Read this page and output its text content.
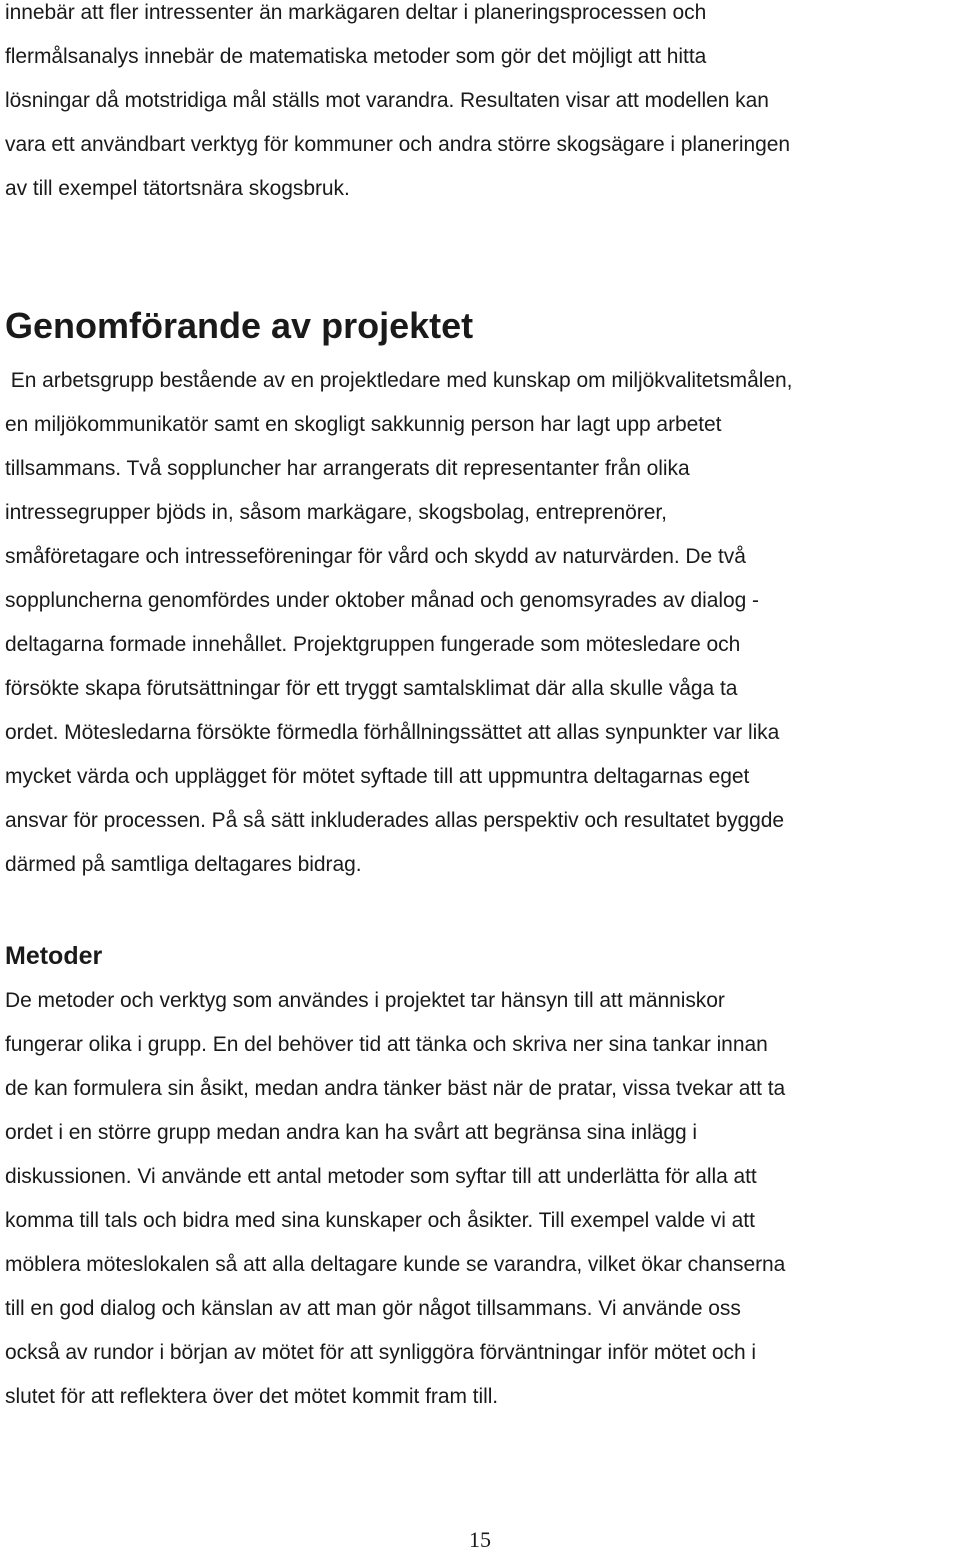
innebär att fler intressenter än markägaren deltar i planeringsprocessen och
flermålsanalys innebär de matematiska metoder som gör det möjligt att hitta
lösningar då motstridiga mål ställs mot varandra. Resultaten visar att modellen kan
vara ett användbart verktyg för kommuner och andra större skogsägare i planeringen
av till exempel tätortsnära skogsbruk.

Genomförande av projektet

En arbetsgrupp bestående av en projektledare med kunskap om miljökvalitetsmålen,
en miljökommunikatör samt en skogligt sakkunnig person har lagt upp arbetet
tillsammans. Två soppluncher har arrangerats dit representanter från olika
intressegrupper bjöds in, såsom markägare, skogsbolag, entreprenörer,
småföretagare och intresseföreningar för vård och skydd av naturvärden. De två
soppluncherna genomfördes under oktober månad och genomsyrades av dialog -
deltagarna formade innehållet. Projektgruppen fungerade som mötesledare och
försökte skapa förutsättningar för ett tryggt samtalsklimat där alla skulle våga ta
ordet. Mötesledarna försökte förmedla förhållningssättet att allas synpunkter var lika
mycket värda och upplägget för mötet syftade till att uppmuntra deltagarnas eget
ansvar för processen. På så sätt inkluderades allas perspektiv och resultatet byggde
därmed på samtliga deltagares bidrag.

Metoder

De metoder och verktyg som användes i projektet tar hänsyn till att människor
fungerar olika i grupp. En del behöver tid att tänka och skriva ner sina tankar innan
de kan formulera sin åsikt, medan andra tänker bäst när de pratar, vissa tvekar att ta
ordet i en större grupp medan andra kan ha svårt att begränsa sina inlägg i
diskussionen. Vi använde ett antal metoder som syftar till att underlätta för alla att
komma till tals och bidra med sina kunskaper och åsikter. Till exempel valde vi att
möblera möteslokalen så att alla deltagare kunde se varandra, vilket ökar chanserna
till en god dialog och känslan av att man gör något tillsammans. Vi använde oss
också av rundor i början av mötet för att synliggöra förväntningar inför mötet och i
slutet för att reflektera över det mötet kommit fram till.

15
